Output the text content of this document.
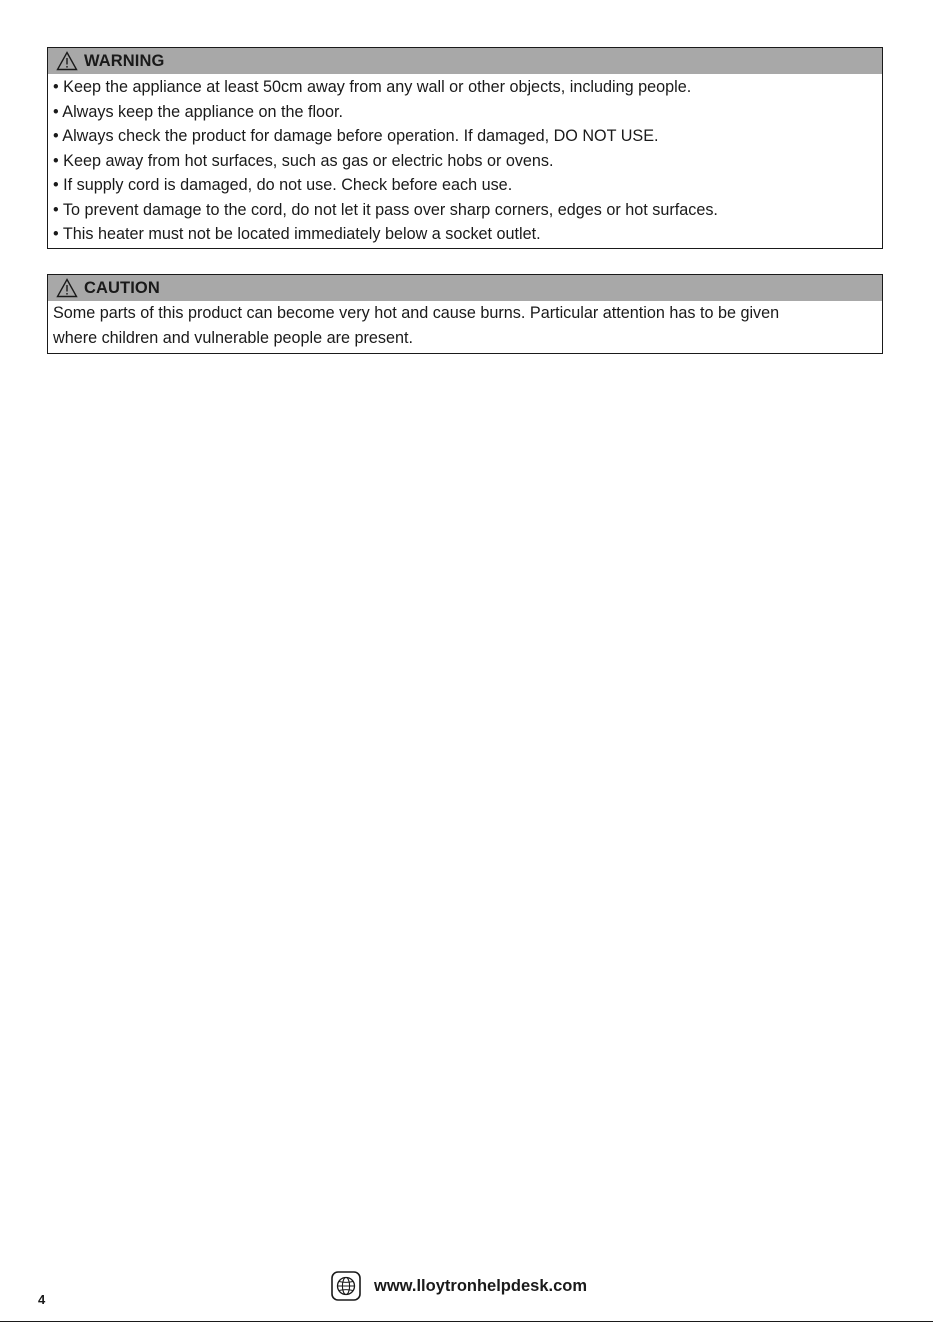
WARNING
• Keep the appliance at least 50cm away from any wall or other objects, including people.
• Always keep the appliance on the floor.
• Always check the product for damage before operation. If damaged, DO NOT USE.
• Keep away from hot surfaces, such as gas or electric hobs or ovens.
• If supply cord is damaged, do not use. Check before each use.
• To prevent damage to the cord, do not let it pass over sharp corners, edges or hot surfaces.
• This heater must not be located immediately below a socket outlet.
CAUTION
Some parts of this product can become very hot and cause burns. Particular attention has to be given
where children and vulnerable people are present.
www.lloytronhelpdesk.com
4
